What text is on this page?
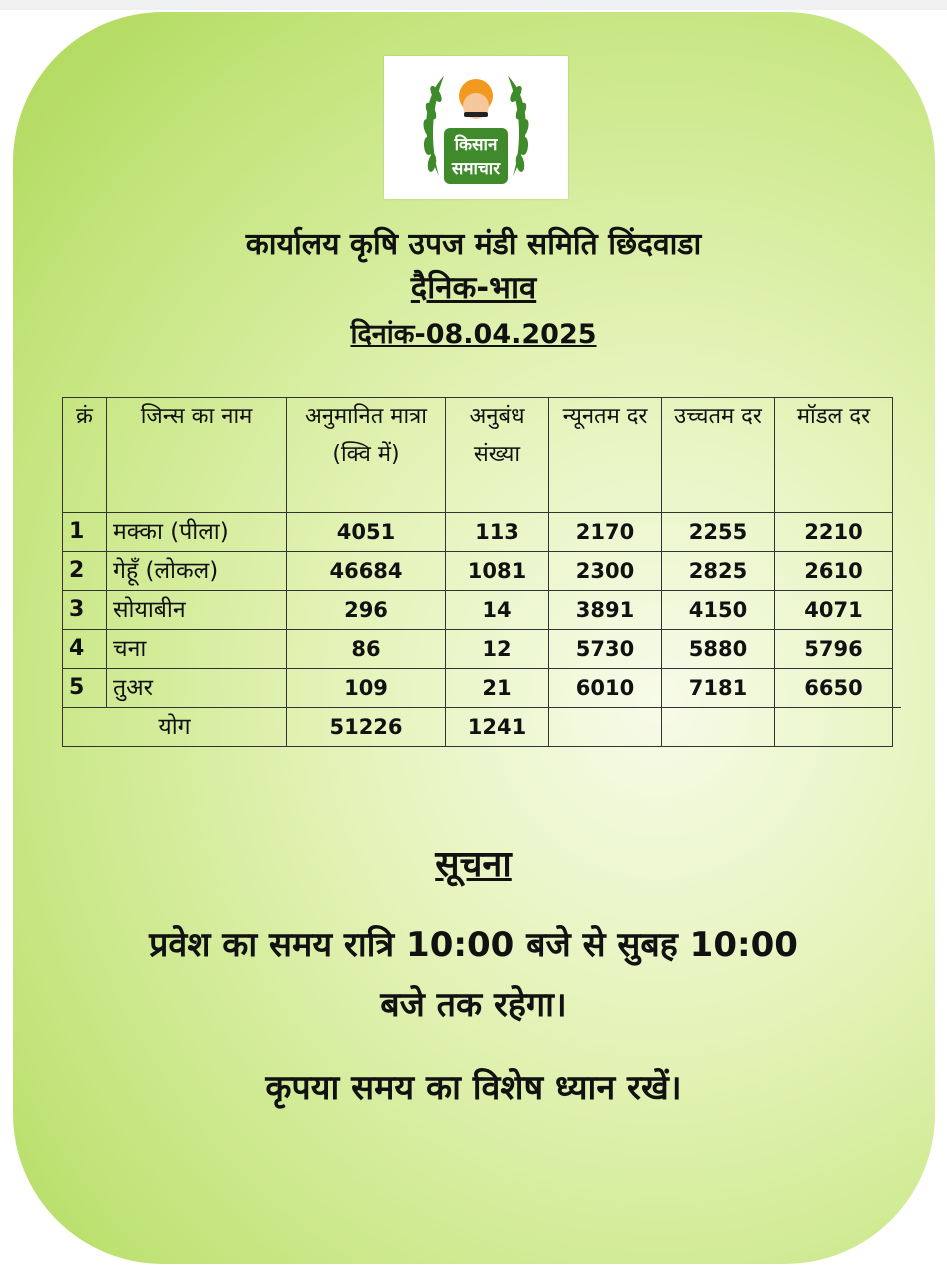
किसान
समाचार
कार्यालय कृषि उपज मंडी समिति छिंदवाडा
दैनिक-भाव
दिनांक-08.04.2025
क्रं	जिन्स का नाम	अनुमानित मात्रा (क्वि में)	अनुबंध संख्या	न्यूनतम दर	उच्चतम दर	मॉडल दर	
1	मक्का (पीला)	4051	113	2170	2255	2210	
2	गेहूँ (लोकल)	46684	1081	2300	2825	2610	
3	सोयाबीन	296	14	3891	4150	4071	
4	चना	86	12	5730	5880	5796	
5	तुअर	109	21	6010	7181	6650	
योग		51226	1241				
सूचना
प्रवेश का समय रात्रि 10:00 बजे से सुबह 10:00
बजे तक रहेगा।
कृपया समय का विशेष ध्यान रखें।
